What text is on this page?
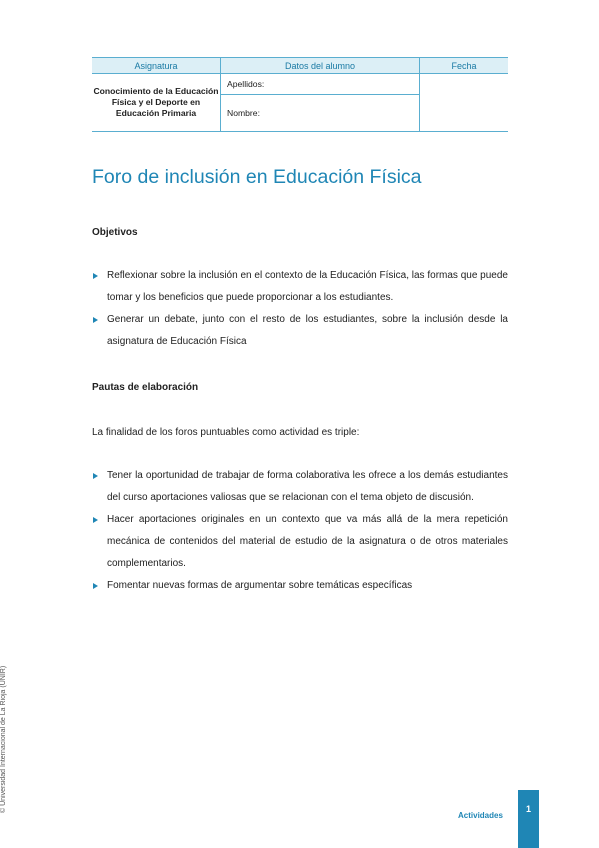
Asignatura	Datos del alumno	Fecha
Conocimiento de la Educación Física y el Deporte en Educación Primaria	Apellidos:	
	Nombre:	
Foro de inclusión en Educación Física

Objetivos

Reflexionar sobre la inclusión en el contexto de la Educación Física, las formas que puede tomar y los beneficios que puede proporcionar a los estudiantes.
Generar un debate, junto con el resto de los estudiantes, sobre la inclusión desde la asignatura de Educación Física

Pautas de elaboración

La finalidad de los foros puntuables como actividad es triple:

Tener la oportunidad de trabajar de forma colaborativa les ofrece a los demás estudiantes del curso aportaciones valiosas que se relacionan con el tema objeto de discusión.
Hacer aportaciones originales en un contexto que va más allá de la mera repetición mecánica de contenidos del material de estudio de la asignatura o de otros materiales complementarios.
Fomentar nuevas formas de argumentar sobre temáticas específicas
© Universidad Internacional de La Rioja (UNIR)
Actividades
1
